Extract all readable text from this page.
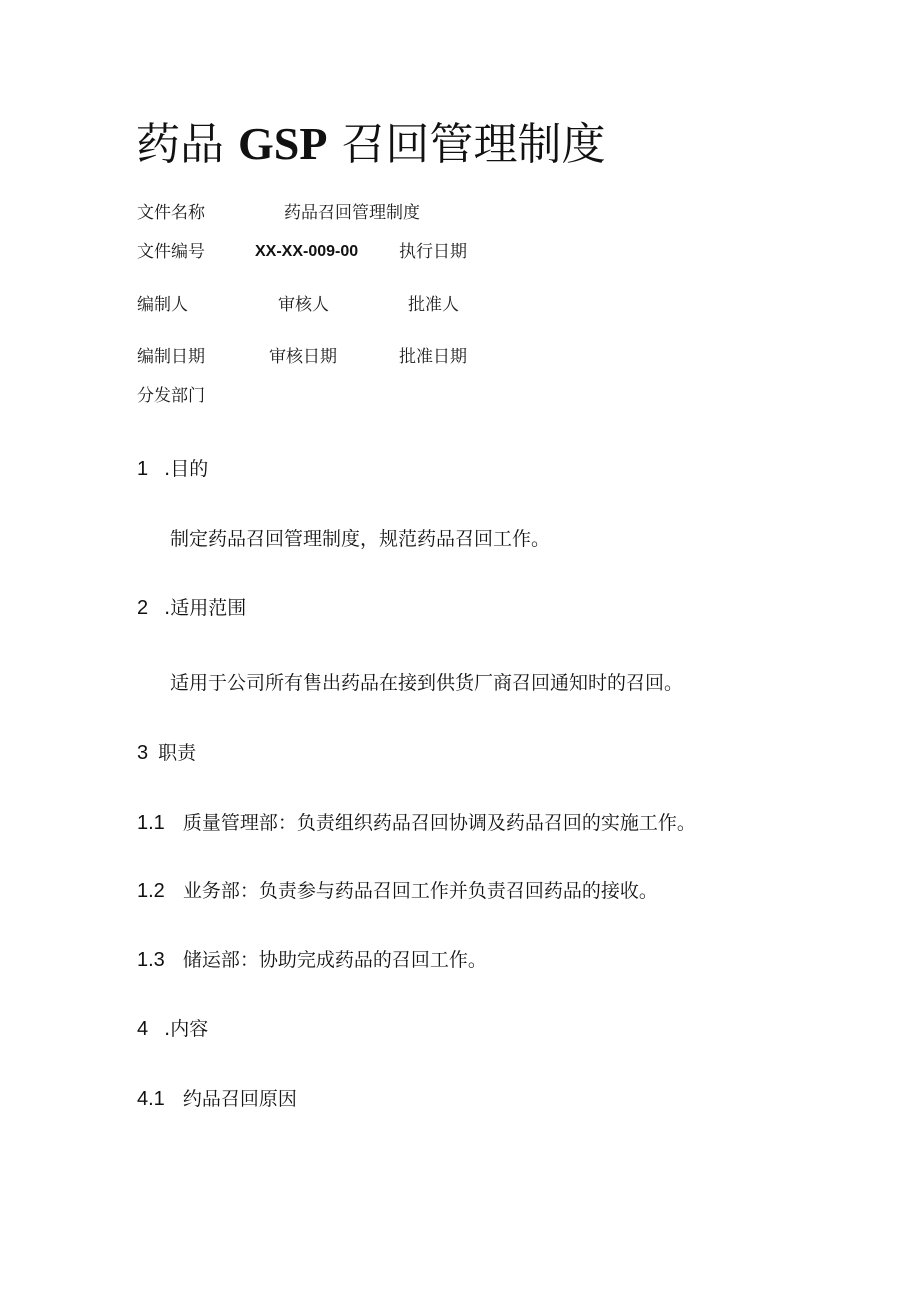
药品 GSP 召回管理制度
文件名称	药品召回管理制度
文件编号	XX-XX-009-00 执行日期
编制人	审核人	批准人
编制日期	审核日期	批准日期
分发部门
1 .目的
制定药品召回管理制度，规范药品召回工作。
2 .适用范围
适用于公司所有售出药品在接到供货厂商召回通知时的召回。
3 职责
1.1 质量管理部：负责组织药品召回协调及药品召回的实施工作。
1.2 业务部：负责参与药品召回工作并负责召回药品的接收。
1.3 储运部：协助完成药品的召回工作。
4 .内容
4.1 约品召回原因
